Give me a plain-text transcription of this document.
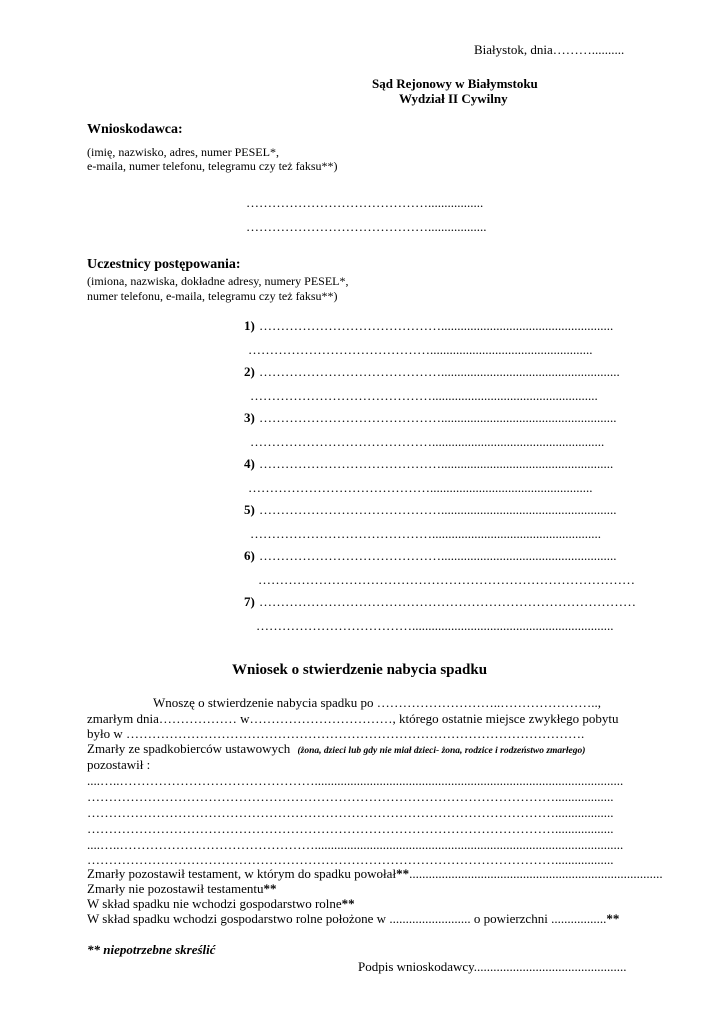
Białystok, dnia………..........
Sąd Rejonowy w Białymstoku
Wydział II Cywilny
Wnioskodawca:
(imię, nazwisko, adres, numer PESEL*,
e-maila, numer telefonu, telegramu czy też faksu**)
…………………………………….................
……………………………………..................
Uczestnicy postępowania:
(imiona, nazwiska, dokładne adresy, numery PESEL*,
numer telefonu, e-maila, telegramu czy też faksu**)
1) …………………………………….....................................................
……………………………………..................................................
2) …………………………………….......................................................
……………………………………...................................................
3) ……………………………………......................................................
…………………………………….....................................................
4) …………………………………….....................................................
……………………………………..................................................
5) ……………………………………......................................................
……………………………………....................................................
6) ……………………………………......................................................
……………………………………………………………………………
7) ……………………………………………………………………………
………………………………..............................................................
Wniosek o stwierdzenie nabycia spadku
Wnoszę o stwierdzenie nabycia spadku po ………………………..…………………..,
zmarłym dnia……………… w……………………………, którego ostatnie miejsce zwykłego pobytu
było w …………………………………………………………………………………………….
Zmarły ze spadkobierców ustawowych (żona, dzieci lub gdy nie miał dzieci- żona, rodzice i rodzeństwo zmarłego)
pozostawił :
....…..………………………………………...............................................................................................
………………………………………………………………………………………………..................
………………………………………………………………………………………………..................
………………………………………………………………………………………………..................
....…..………………………………………...............................................................................................
………………………………………………………………………………………………..................
Zmarły pozostawił testament, w którym do spadku powołał**..............................................................................
Zmarły nie pozostawił testamentu**
W skład spadku nie wchodzi gospodarstwo rolne**
W skład spadku wchodzi gospodarstwo rolne położone w ......................... o powierzchni .................**
** niepotrzebne skreślić
Podpis wnioskodawcy...............................................
